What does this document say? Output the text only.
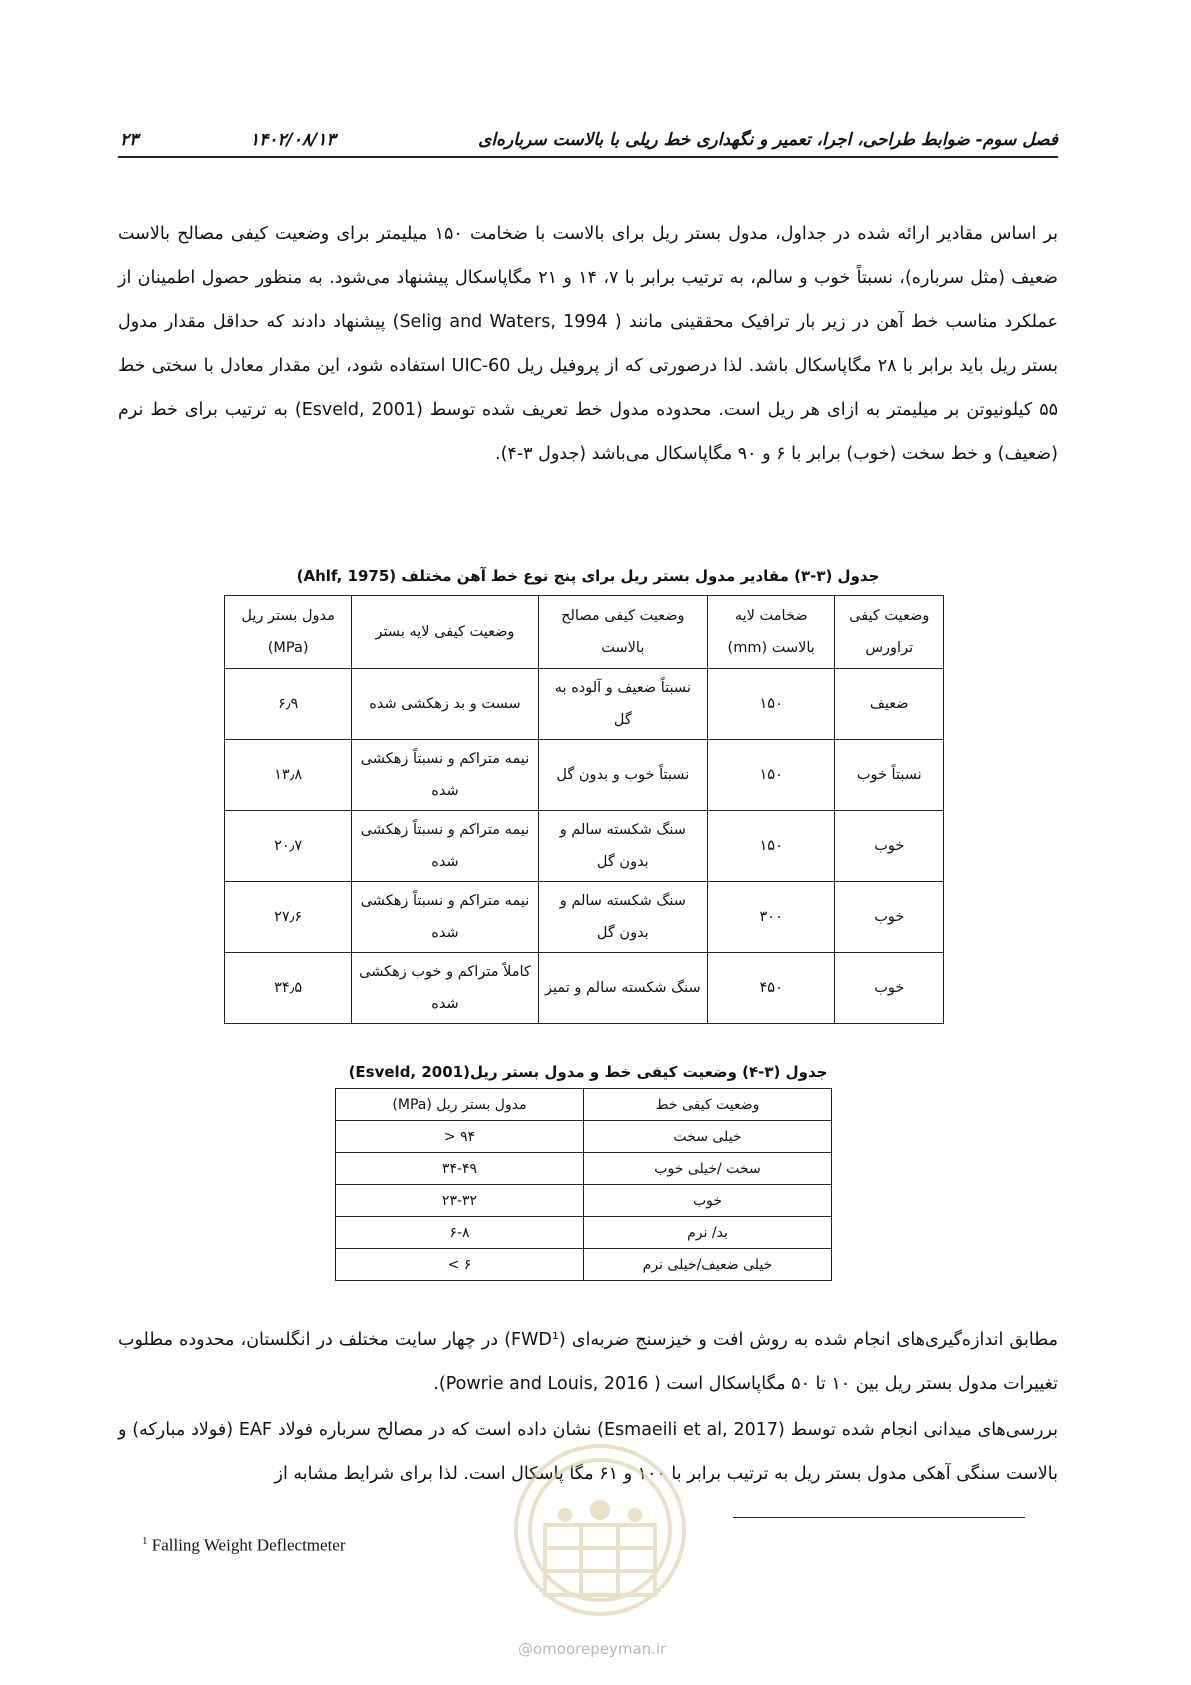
فصل سوم- ضوابط طراحی، اجرا، تعمیر و نگهداری خط ریلی با بالاست سرباره‌ای
۱۴۰۲/۰۸/۱۳
۲۳
بر اساس مقادیر ارائه شده در جداول، مدول بستر ریل برای بالاست با ضخامت ۱۵۰ میلیمتر برای وضعیت کیفی مصالح بالاست ضعیف (مثل سرباره)، نسبتاً خوب و سالم، به ترتیب برابر با ۷، ۱۴ و ۲۱ مگاپاسکال پیشنهاد می‌شود. به منظور حصول اطمینان از عملکرد مناسب خط آهن در زیر بار ترافیک محققینی مانند ( Selig and Waters, 1994) پیشنهاد دادند که حداقل مقدار مدول بستر ریل باید برابر با ۲۸ مگاپاسکال باشد. لذا درصورتی که از پروفیل ریل UIC-60 استفاده شود، این مقدار معادل با سختی خط ۵۵ کیلونیوتن بر میلیمتر به ازای هر ریل است. محدوده مدول خط تعریف شده توسط (Esveld, 2001) به ترتیب برای خط نرم (ضعیف) و خط سخت (خوب) برابر با ۶ و ۹۰ مگاپاسکال می‌باشد (جدول ۳-۴).
جدول (۳-۳) مقادیر مدول بستر ریل برای پنج نوع خط آهن مختلف (Ahlf, 1975)
وضعیت کیفی تراورس	ضخامت لایه بالاست (mm)	وضعیت کیفی مصالح بالاست	وضعیت کیفی لایه بستر	مدول بستر ریل (MPa)
ضعیف	۱۵۰	نسبتاً ضعیف و آلوده به گل	سست و بد زهکشی شده	۶٫۹
نسبتاً خوب	۱۵۰	نسبتاً خوب و بدون گل	نیمه متراکم و نسبتاً زهکشی شده	۱۳٫۸
خوب	۱۵۰	سنگ شکسته سالم و بدون گل	نیمه متراکم و نسبتاً زهکشی شده	۲۰٫۷
خوب	۳۰۰	سنگ شکسته سالم و بدون گل	نیمه متراکم و نسبتاً زهکشی شده	۲۷٫۶
خوب	۴۵۰	سنگ شکسته سالم و تمیز	کاملاً متراکم و خوب زهکشی شده	۳۴٫۵
جدول (۳-۴) وضعیت کیفی خط و مدول بستر ریل(Esveld, 2001)
وضعیت کیفی خط	مدول بستر ریل (MPa)
خیلی سخت	۹۴ <
سخت /خیلی خوب	۳۴-۴۹
خوب	۲۳-۳۲
بد/ نرم	۶-۸
خیلی ضعیف/خیلی نرم	۶ >
مطابق اندازه‌گیری‌های انجام شده به روش افت و خیزسنج ضربه‌ای (FWD¹) در چهار سایت مختلف در انگلستان، محدوده مطلوب تغییرات مدول بستر ریل بین ۱۰ تا ۵۰ مگاپاسکال است ( Powrie and Louis, 2016).
بررسی‌های میدانی انجام شده توسط (Esmaeili et al, 2017) نشان داده است که در مصالح سرباره فولاد EAF (فولاد مبارکه) و بالاست سنگی آهکی مدول بستر ریل به ترتیب برابر با ۱۰۰ و ۶۱ مگا پاسکال است. لذا برای شرایط مشابه از
$^1$ Falling Weight Deflectmeter
@omoorepeyman.ir
